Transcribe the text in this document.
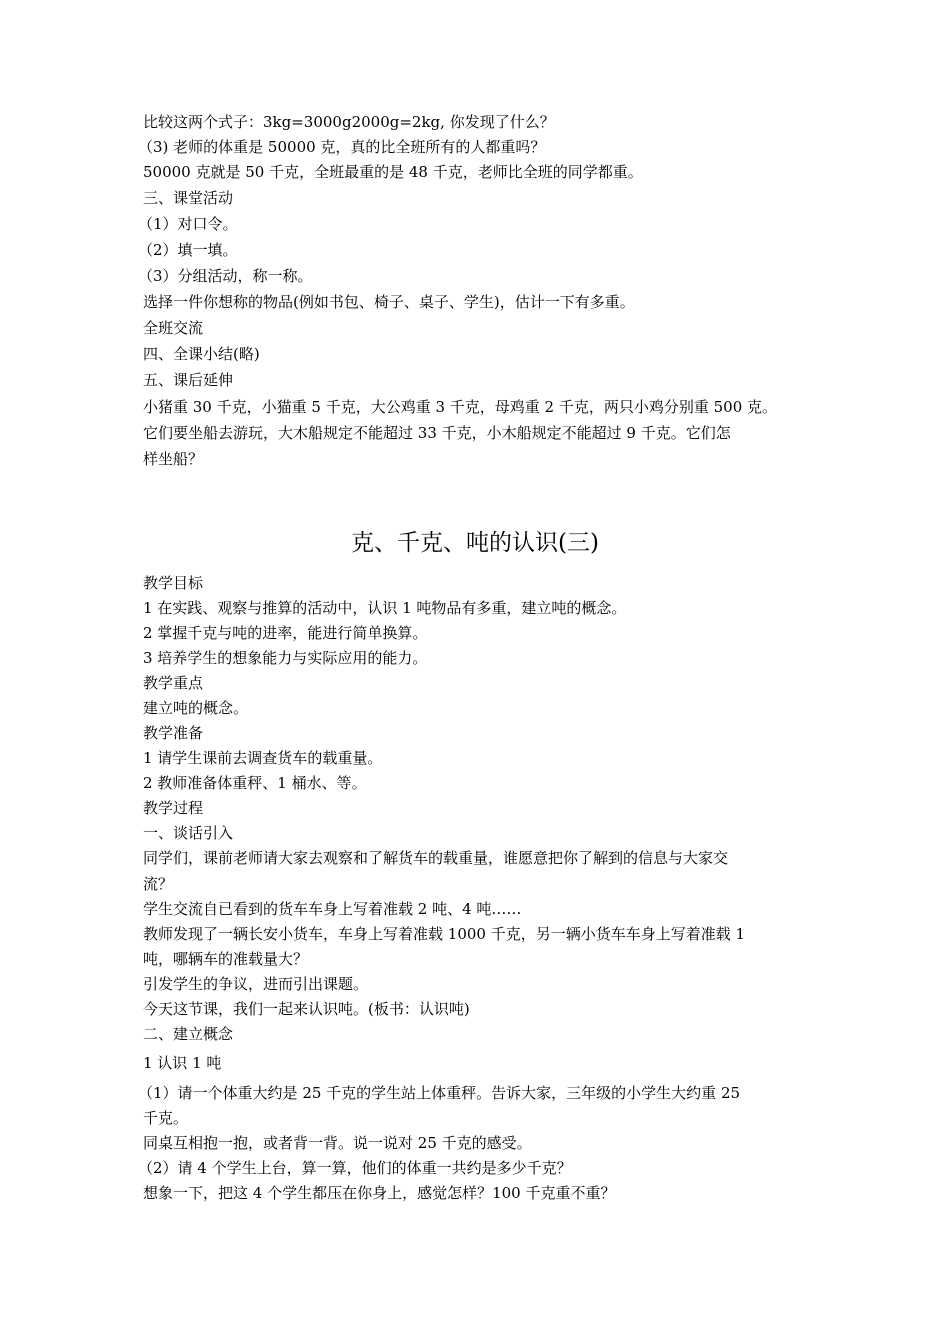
比较这两个式子：3kg=3000g2000g=2kg, 你发现了什么？
（3) 老师的体重是 50000 克，真的比全班所有的人都重吗？
50000 克就是 50 千克，全班最重的是 48 千克，老师比全班的同学都重。
三、课堂活动
（1）对口令。
（2）填一填。
（3）分组活动，称一称。
选择一件你想称的物品(例如书包、椅子、桌子、学生)，估计一下有多重。
全班交流
四、全课小结(略)
五、课后延伸
小猪重 30 千克，小猫重 5 千克，大公鸡重 3 千克，母鸡重 2 千克，两只小鸡分别重 500 克。
它们要坐船去游玩，大木船规定不能超过 33 千克，小木船规定不能超过 9 千克。它们怎
样坐船？
克、千克、吨的认识(三)
教学目标
1 在实践、观察与推算的活动中，认识 1 吨物品有多重，建立吨的概念。
2 掌握千克与吨的进率，能进行简单换算。
3 培养学生的想象能力与实际应用的能力。
教学重点
建立吨的概念。
教学准备
1 请学生课前去调查货车的载重量。
2 教师准备体重秤、1 桶水、等。
教学过程
一、谈话引入
同学们，课前老师请大家去观察和了解货车的载重量，谁愿意把你了解到的信息与大家交
流？
学生交流自已看到的货车车身上写着准载 2 吨、4 吨……
教师发现了一辆长安小货车，车身上写着准载 1000 千克，另一辆小货车车身上写着准载 1
吨，哪辆车的准载量大？
引发学生的争议，进而引出课题。
今天这节课，我们一起来认识吨。(板书：认识吨)
二、建立概念
1 认识 1 吨
（1）请一个体重大约是 25 千克的学生站上体重秤。告诉大家，三年级的小学生大约重 25
千克。
同桌互相抱一抱，或者背一背。说一说对 25 千克的感受。
（2）请 4 个学生上台，算一算，他们的体重一共约是多少千克？
想象一下，把这 4 个学生都压在你身上，感觉怎样？100 千克重不重？
